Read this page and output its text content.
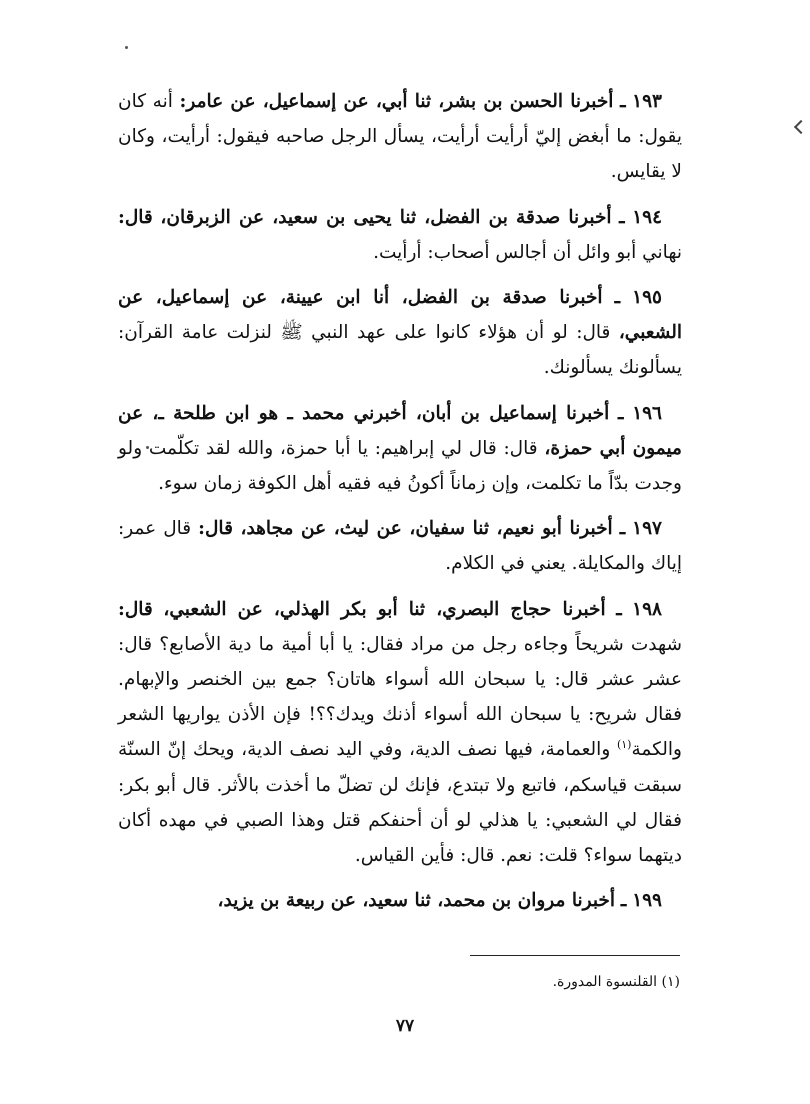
١٩٣ ـ أخبرنا الحسن بن بشر، ثنا أبي، عن إسماعيل، عن عامر: أنه كان يقول: ما أبغض إليّ أرأيت أرأيت، يسأل الرجل صاحبه فيقول: أرأيت، وكان لا يقايس.

١٩٤ ـ أخبرنا صدقة بن الفضل، ثنا يحيى بن سعيد، عن الزبرقان، قال: نهاني أبو وائل أن أجالس أصحاب: أرأيت.

١٩٥ ـ أخبرنا صدقة بن الفضل، أنا ابن عيينة، عن إسماعيل، عن الشعبي، قال: لو أن هؤلاء كانوا على عهد النبي ﷺ لنزلت عامة القرآن: يسألونك يسألونك.

١٩٦ ـ أخبرنا إسماعيل بن أبان، أخبرني محمد ـ هو ابن طلحة ـ، عن ميمون أبي حمزة، قال: قال لي إبراهيم: يا أبا حمزة، والله لقد تكلّمت ولو وجدت بدّاً ما تكلمت، وإن زماناً أكونُ فيه فقيه أهل الكوفة زمان سوء.

١٩٧ ـ أخبرنا أبو نعيم، ثنا سفيان، عن ليث، عن مجاهد، قال: قال عمر: إياك والمكايلة. يعني في الكلام.

١٩٨ ـ أخبرنا حجاج البصري، ثنا أبو بكر الهذلي، عن الشعبي، قال: شهدت شريحاً وجاءه رجل من مراد فقال: يا أبا أمية ما دية الأصابع؟ قال: عشر عشر قال: يا سبحان الله أسواء هاتان؟ جمع بين الخنصر والإبهام. فقال شريح: يا سبحان الله أسواء أذنك ويدك؟؟! فإن الأذن يواريها الشعر والكمة$^{(١)}$ والعمامة، فيها نصف الدية، وفي اليد نصف الدية، ويحك إنّ السنّة سبقت قياسكم، فاتبع ولا تبتدع، فإنك لن تضلّ ما أخذت بالأثر. قال أبو بكر: فقال لي الشعبي: يا هذلي لو أن أحنفكم قتل وهذا الصبي في مهده أكان ديتهما سواء؟ قلت: نعم. قال: فأين القياس.

١٩٩ ـ أخبرنا مروان بن محمد، ثنا سعيد، عن ربيعة بن يزيد،

(١) القلنسوة المدورة.
٧٧
